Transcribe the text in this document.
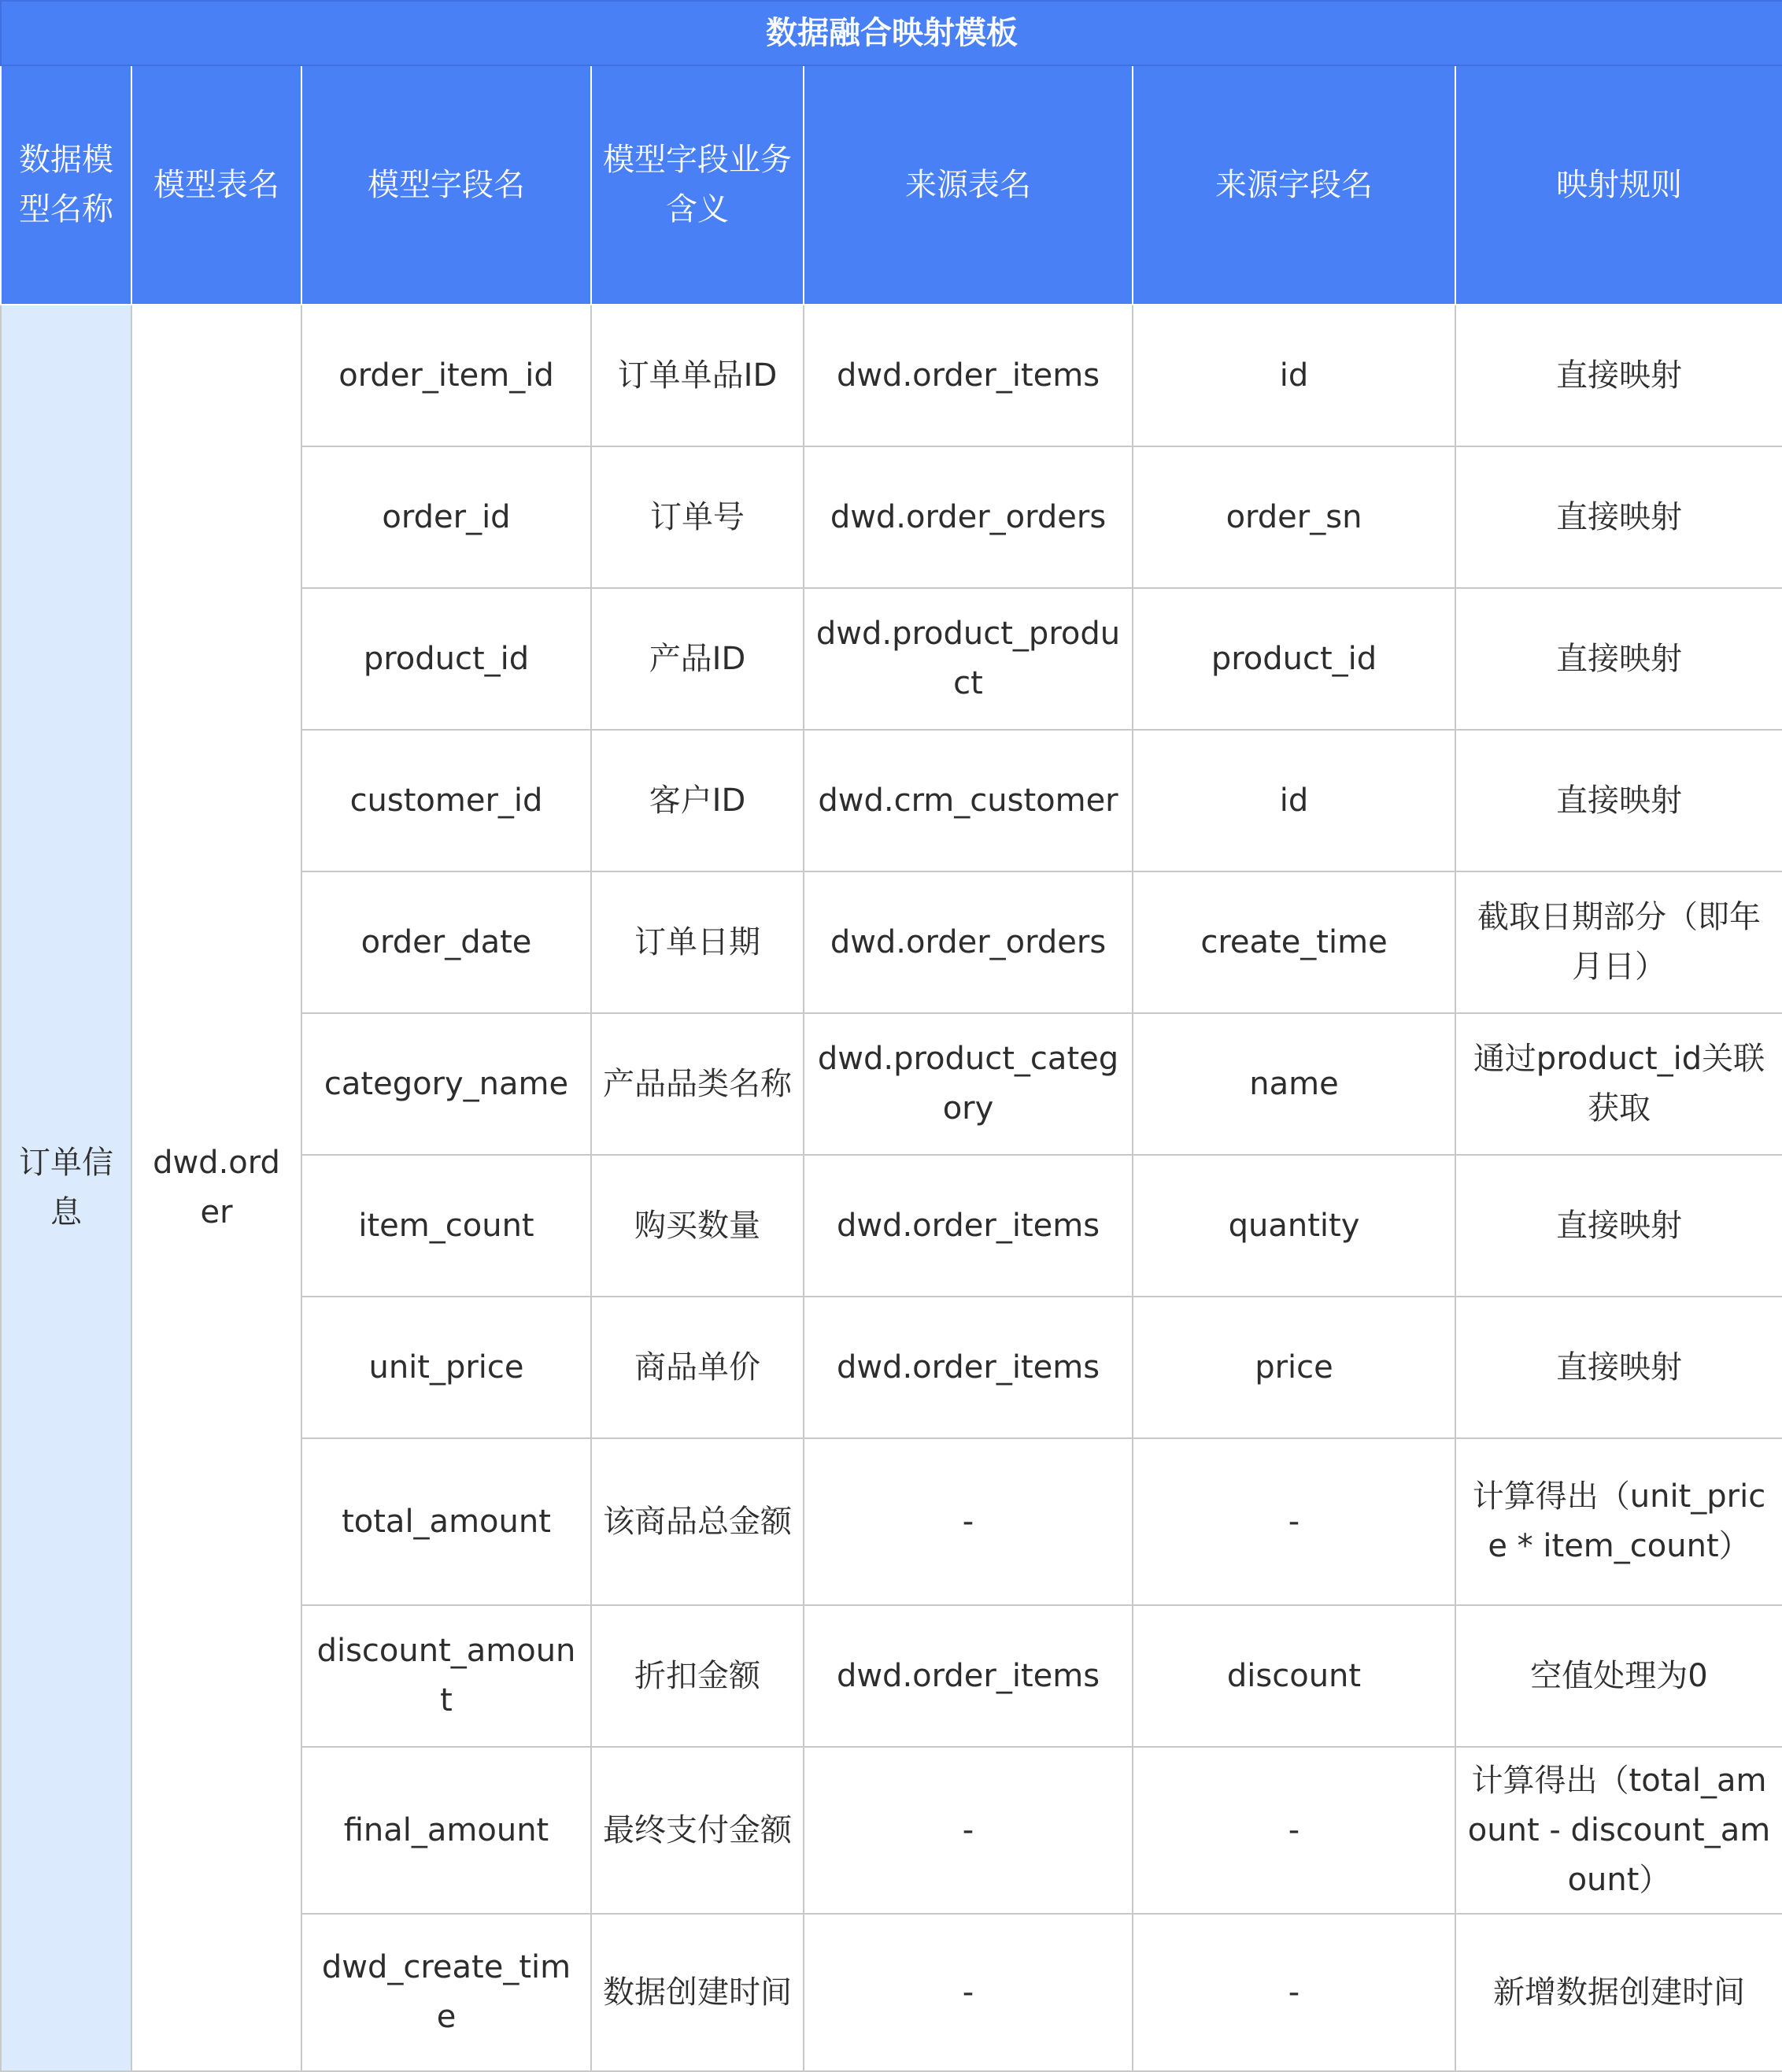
数据融合映射模板						
数据模型名称	模型表名	模型字段名	模型字段业务含义	来源表名	来源字段名	映射规则
订单信息	dwd.order	order_item_id	订单单品ID	dwd.order_items	id	直接映射
		order_id	订单号	dwd.order_orders	order_sn	直接映射
		product_id	产品ID	dwd.product_product	product_id	直接映射
		customer_id	客户ID	dwd.crm_customer	id	直接映射
		order_date	订单日期	dwd.order_orders	create_time	截取日期部分（即年月日）
		category_name	产品品类名称	dwd.product_category	name	通过product_id关联获取
		item_count	购买数量	dwd.order_items	quantity	直接映射
		unit_price	商品单价	dwd.order_items	price	直接映射
		total_amount	该商品总金额	-	-	计算得出（unit_price * item_count）
		discount_amount	折扣金额	dwd.order_items	discount	空值处理为0
		final_amount	最终支付金额	-	-	计算得出（total_amount - discount_amount）
		dwd_create_time	数据创建时间	-	-	新增数据创建时间
